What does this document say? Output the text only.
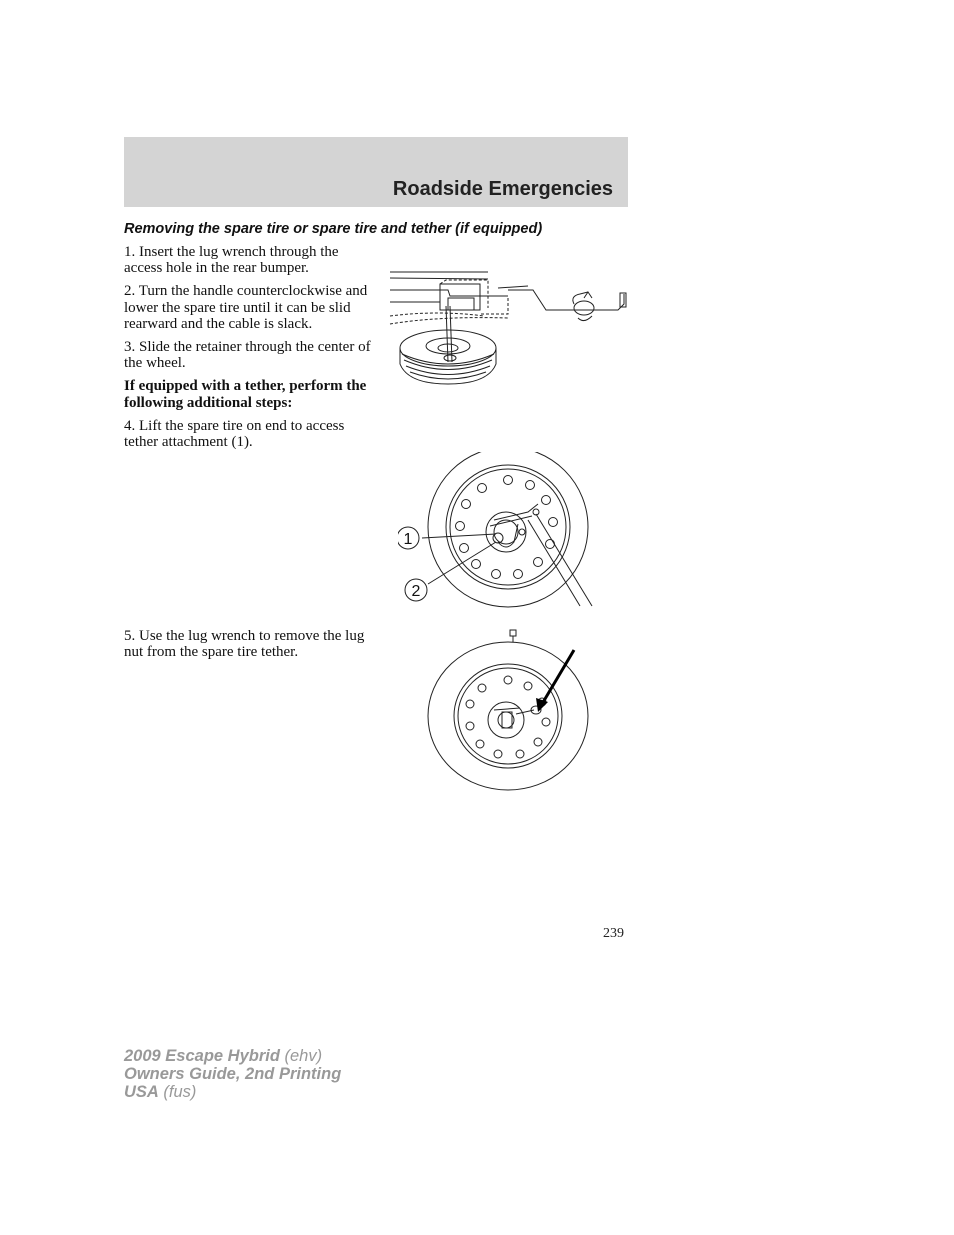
Roadside Emergencies
Removing the spare tire or spare tire and tether (if equipped)

1. Insert the lug wrench through the access hole in the rear bumper.

2. Turn the handle counterclockwise and lower the spare tire until it can be slid rearward and the cable is slack.

3. Slide the retainer through the center of the wheel.

If equipped with a tether, perform the following additional steps:

4. Lift the spare tire on end to access tether attachment (1).

5. Use the lug wrench to remove the lug nut from the spare tire tether.

1
2
239
2009 Escape Hybrid (ehv)
Owners Guide, 2nd Printing
USA (fus)
